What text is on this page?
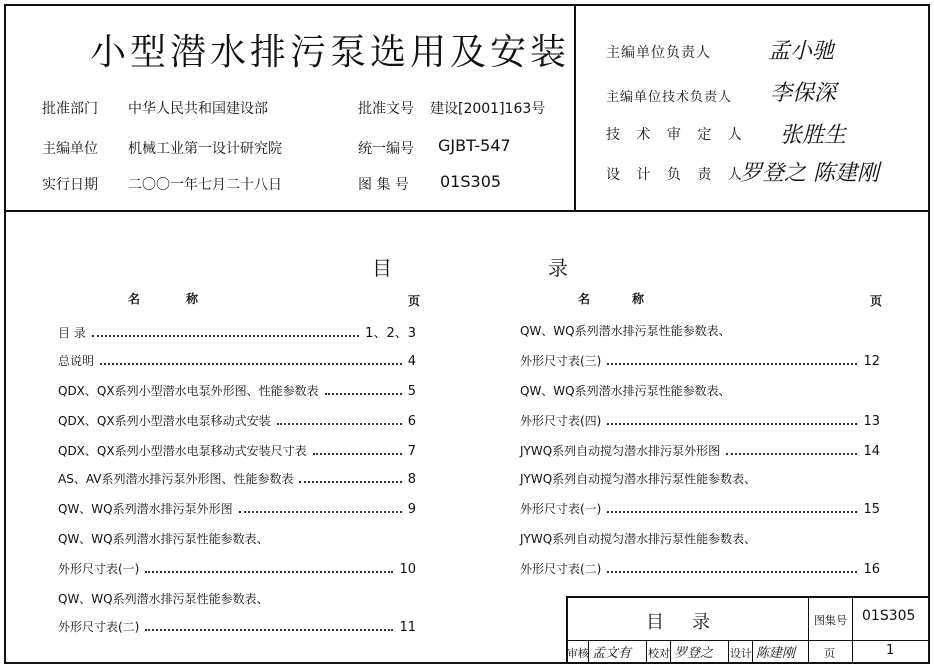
小型潜水排污泵选用及安装
批准部门 中华人民共和国建设部
主编单位 机械工业第一设计研究院
实行日期 二〇〇一年七月二十八日
批准文号 建设[2001]163号
统一编号 GJBT-547
图 集 号 01S305
主编单位负责人	孟小驰
主编单位技术负责人 李保深
技 术 审 定 人 张胜生
设 计 负 责 人
罗登之 陈建刚
目	录
名	称	页	名	称	页
目 录	1、2、3
总说明	4
QDX、QX系列小型潜水电泵外形图、性能参数表	5
QDX、QX系列小型潜水电泵移动式安装	6
QDX、QX系列小型潜水电泵移动式安装尺寸表	7
AS、AV系列潜水排污泵外形图、性能参数表	8
QW、WQ系列潜水排污泵外形图	9
QW、WQ系列潜水排污泵性能参数表、
外形尺寸表(一)	10
QW、WQ系列潜水排污泵性能参数表、
外形尺寸表(二)	11
QW、WQ系列潜水排污泵性能参数表、
外形尺寸表(三)	12
QW、WQ系列潜水排污泵性能参数表、
外形尺寸表(四)	13
JYWQ系列自动搅匀潜水排污泵外形图	14
JYWQ系列自动搅匀潜水排污泵性能参数表、
外形尺寸表(一)	15
JYWQ系列自动搅匀潜水排污泵性能参数表、
外形尺寸表(二)	16
目 录	图集号 01S305
审核 孟文有 校对 罗登之 设计 陈建刚	页	1
